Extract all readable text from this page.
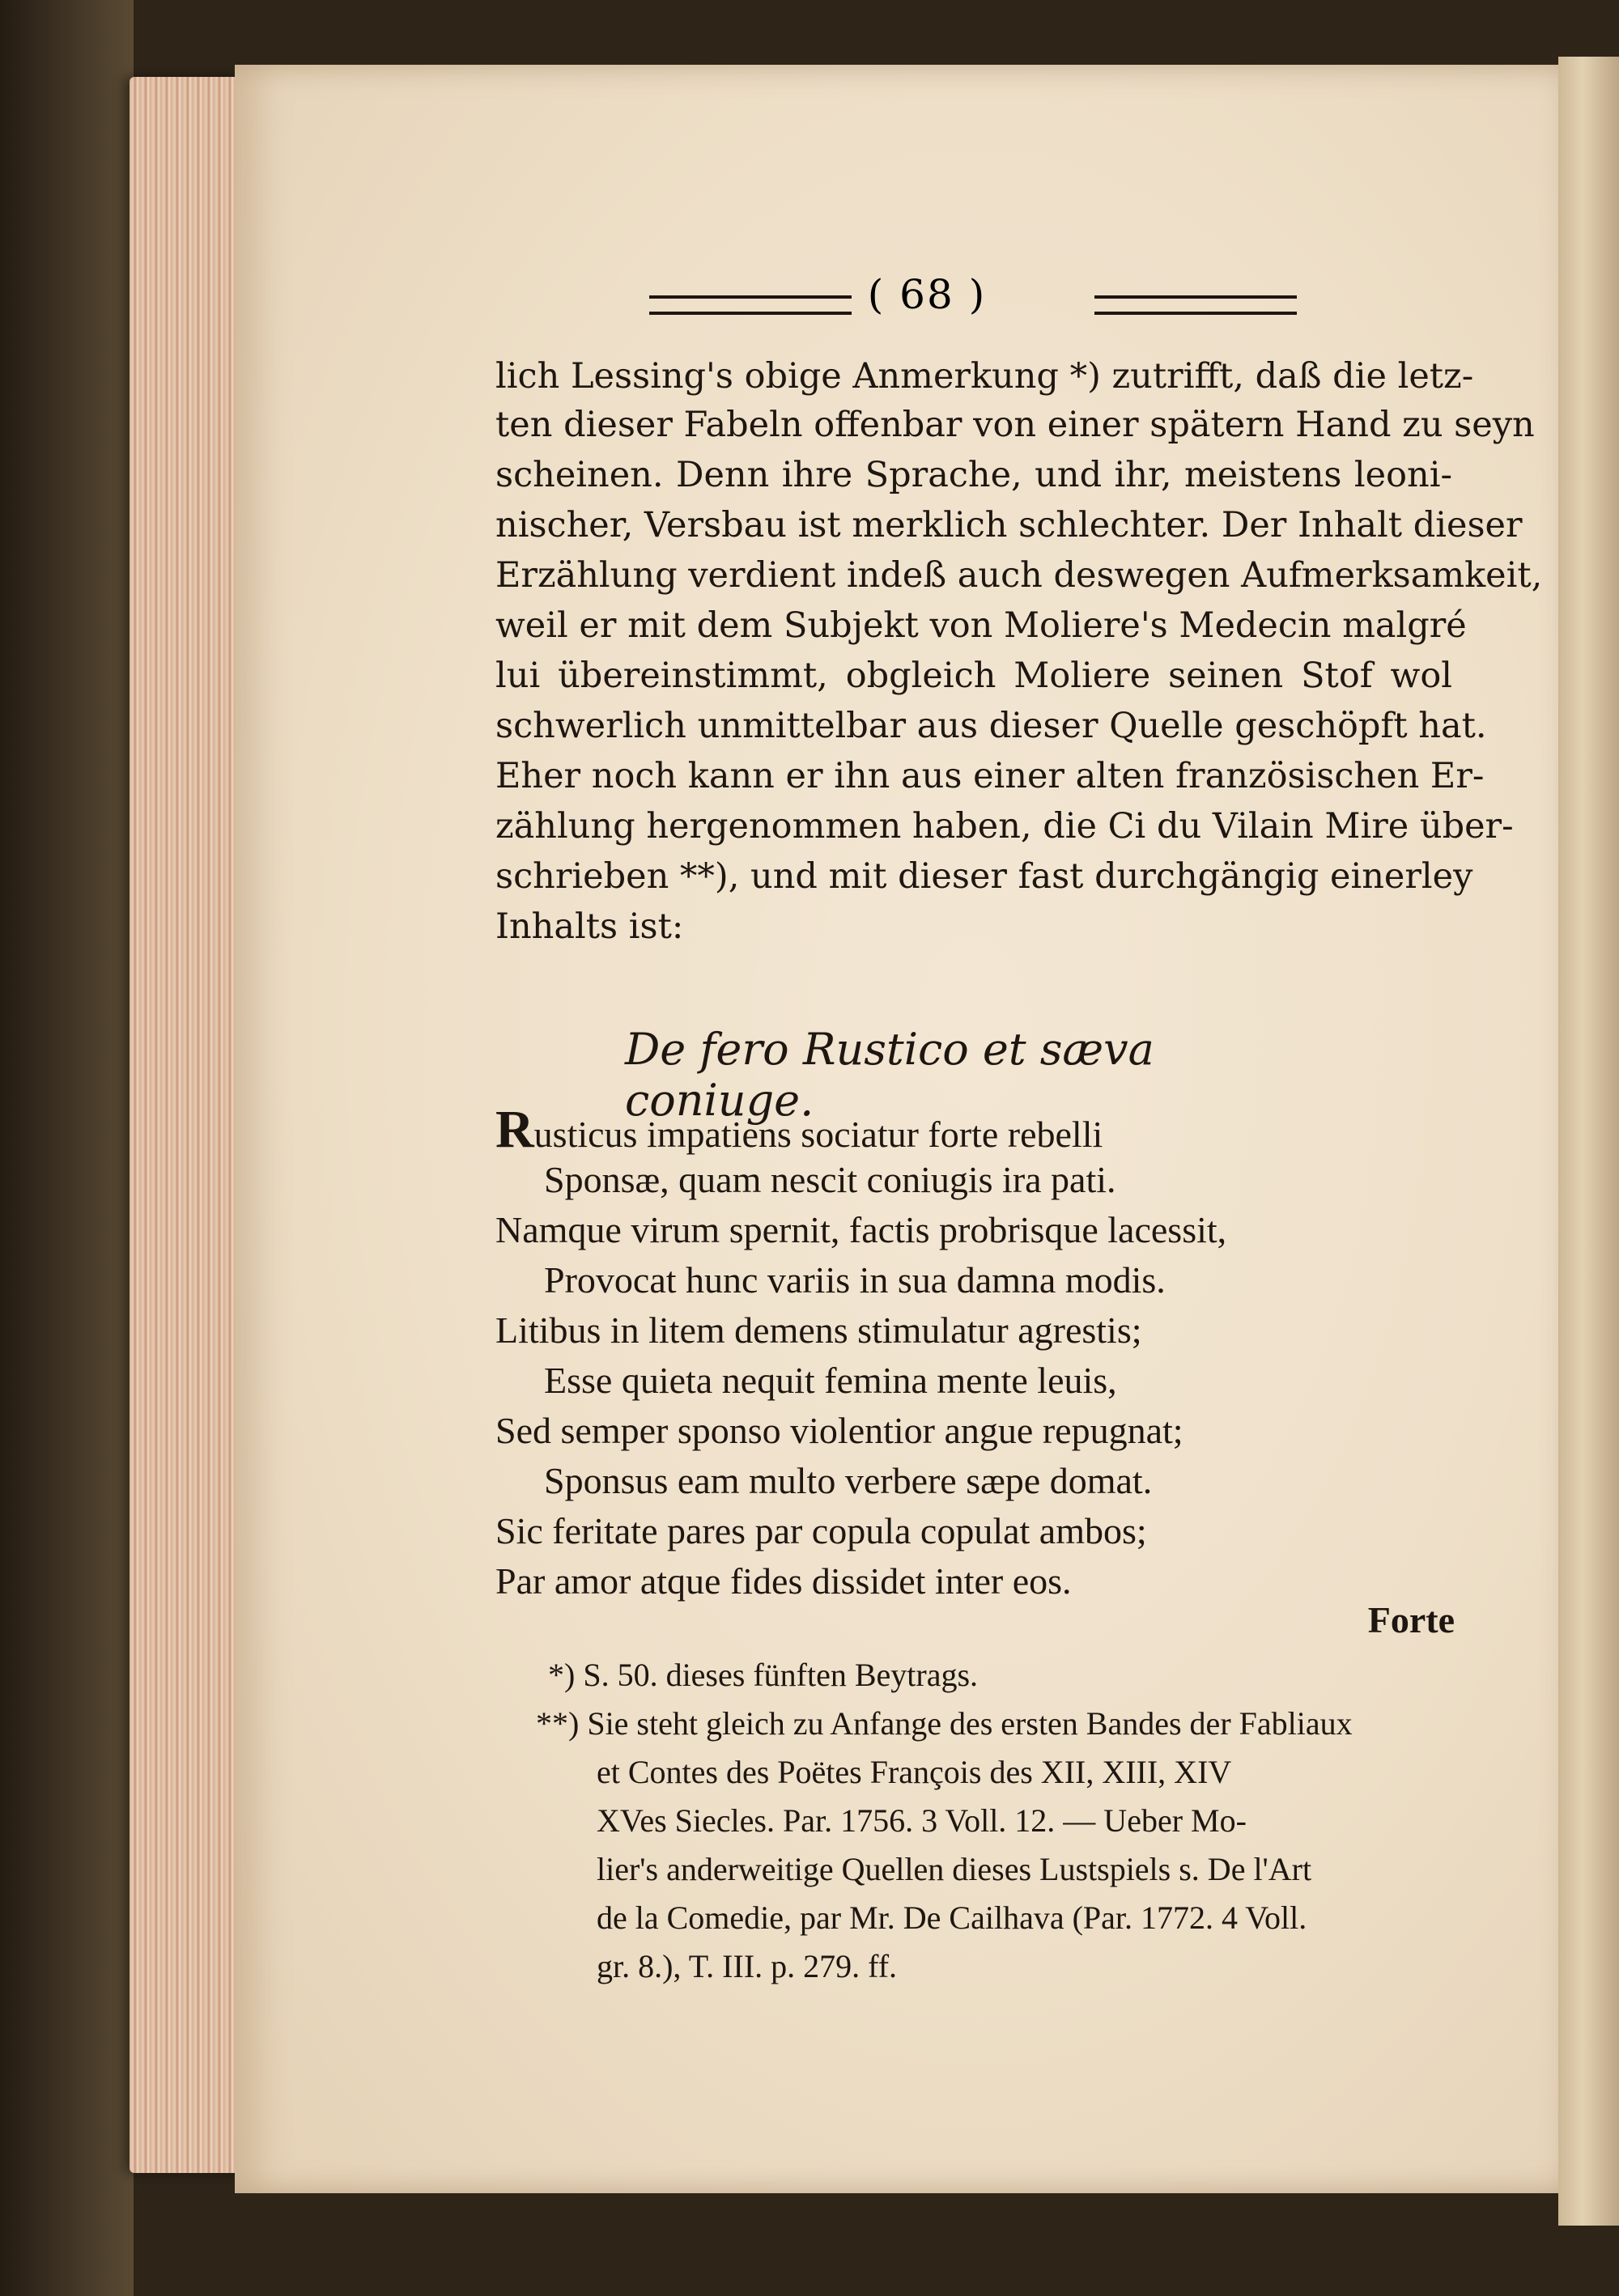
lich Lessing's obige Anmerkung *) zutrifft, daß die letz-
ten dieser Fabeln offenbar von einer spätern Hand zu seyn
scheinen. Denn ihre Sprache, und ihr, meistens leoni-
nischer, Versbau ist merklich schlechter. Der Inhalt dieser
Erzählung verdient indeß auch deswegen Aufmerksamkeit,
weil er mit dem Subjekt von Moliere's Medecin malgré
lui übereinstimmt, obgleich Moliere seinen Stof wol
schwerlich unmittelbar aus dieser Quelle geschöpft hat.
Eher noch kann er ihn aus einer alten französischen Er-
zählung hergenommen haben, die Ci du Vilain Mire über-
schrieben **), und mit dieser fast durchgängig einerley
Inhalts ist:
De fero Rustico et sæva coniuge.
Rusticus impatiens sociatur forte rebelli
Sponsæ, quam nescit coniugis ira pati.
Namque virum spernit, factis probrisque lacessit,
Provocat hunc variis in sua damna modis.
Litibus in litem demens stimulatur agrestis;
Esse quieta nequit femina mente leuis,
Sed semper sponso violentior angue repugnat;
Sponsus eam multo verbere sæpe domat.
Sic feritate pares par copula copulat ambos;
Par amor atque fides dissidet inter eos.
Forte
*) S. 50. dieses fünften Beytrags.
**) Sie steht gleich zu Anfange des ersten Bandes der Fabliaux
et Contes des Poëtes François des XII, XIII, XIV
XVes Siecles. Par. 1756. 3 Voll. 12. — Ueber Mo-
lier's anderweitige Quellen dieses Lustspiels s. De l'Art
de la Comedie, par Mr. De Cailhava (Par. 1772. 4 Voll.
gr. 8.), T. III. p. 279. ff.
( 68 )
